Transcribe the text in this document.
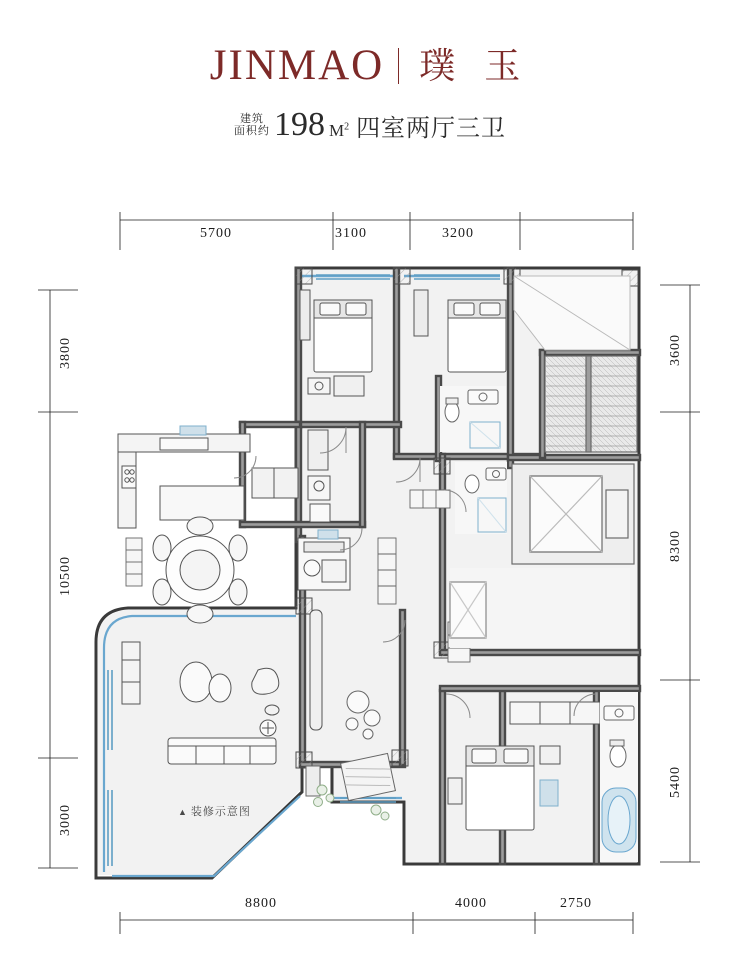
JINMAO 璞 玉
建筑
面积约 198 $M^2$ 四室两厅三卫
5700	3100	3200
8800	4000	2750
3800
10500
3000
3600
8300
5400
▲ 装修示意图
